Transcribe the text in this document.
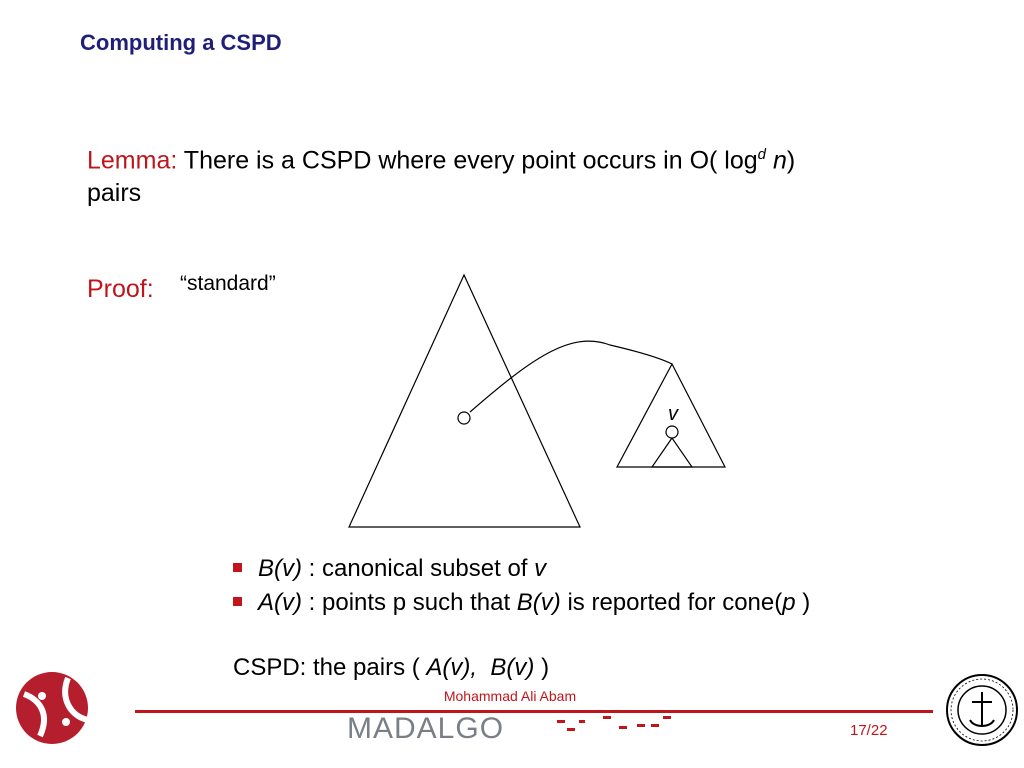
Computing a CSPD
Lemma: There is a CSPD where every point occurs in O( $\log^d n$)
pairs
Proof: “standard”
v
B(v) : canonical subset of v
A(v) : points p such that B(v) is reported for cone(p )
CSPD: the pairs ( A(v), B(v) )
Mohammad Ali Abam
MADALGO	17/22
